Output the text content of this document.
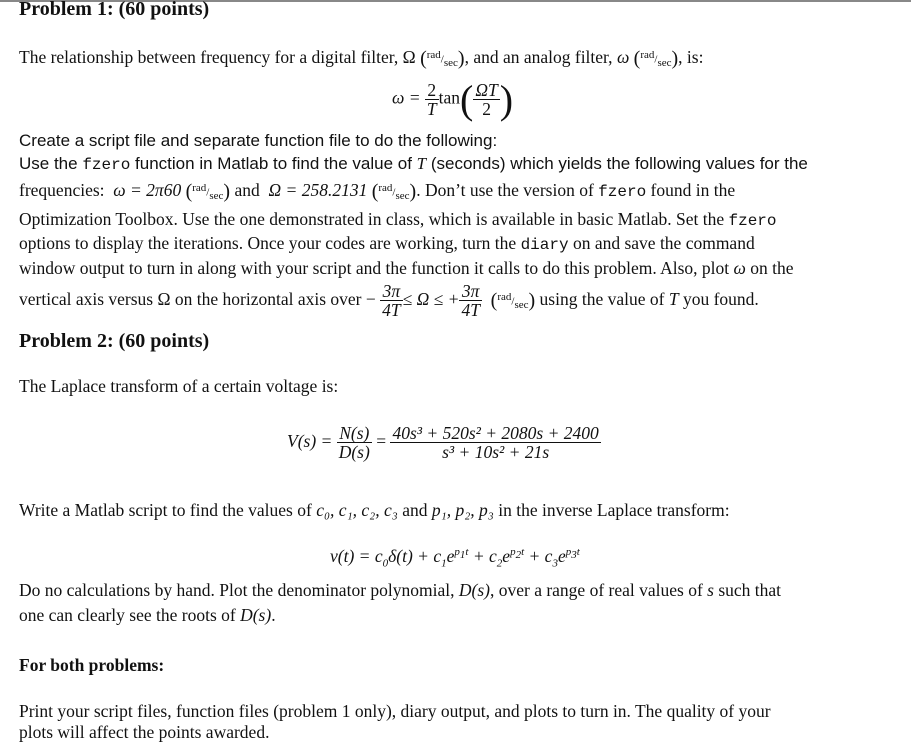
Problem 1: (60 points)
The relationship between frequency for a digital filter, Ω $(^{rad}/_{sec})$, and an analog filter, ω $(^{rad}/_{sec})$, is:
$\omega = \frac{2}{T} \tan( \frac{\Omega T}{2}$ )
Create a script file and separate function file to do the following:
Use the fzero function in Matlab to find the value of T (seconds) which yields the following values for the
frequencies: ω = 2π60 $(^{rad}/_{sec})$ and Ω = 258.2131 $(^{rad}/_{sec})$. Don’t use the version of fzero found in the
Optimization Toolbox. Use the one demonstrated in class, which is available in basic Matlab. Set the fzero
options to display the iterations. Once your codes are working, turn the diary on and save the command
window output to turn in along with your script and the function it calls to do this problem. Also, plot ω on the
vertical axis versus Ω on the horizontal axis over − $\frac{3\pi}{4T} \le \Omega$ ≤ + $\frac{3\pi}{4T} (^{rad}/_{sec})$ using the value of T you found.
Problem 2: (60 points)
The Laplace transform of a certain voltage is:
$V(s) = \frac{N(s)}{D(s)} = \frac{\text{40s³ + 520s² + 2080s + 2400}}{\text{s³ + 10s² + 21s}}$
Write a Matlab script to find the values of c₀, c₁, c₂, c₃ and p₁, p₂, p₃ in the inverse Laplace transform:
$v(t) = c_0\delta(t) + c_1e^{p_1t} + c_2e^{p_2t} + c_3e^{p_3t}$
Do no calculations by hand. Plot the denominator polynomial, D(s), over a range of real values of s such that
one can clearly see the roots of D(s).
For both problems:
Print your script files, function files (problem 1 only), diary output, and plots to turn in. The quality of your
plots will affect the points awarded.
